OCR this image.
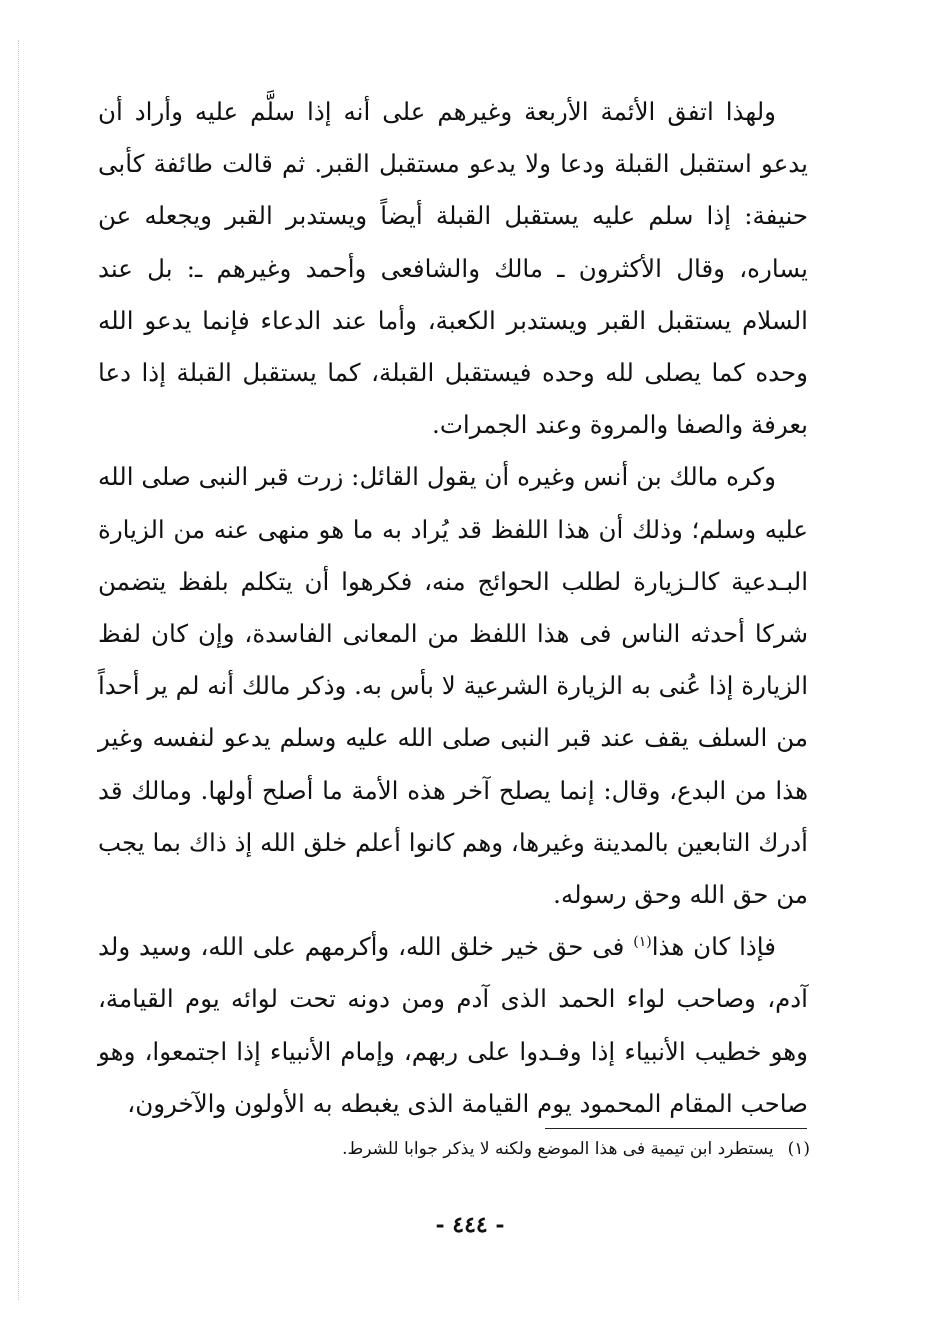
ولهذا اتفق الأئمة الأربعة وغيرهم على أنه إذا سلَّم عليه وأراد أن يدعو استقبل القبلة ودعا ولا يدعو مستقبل القبر. ثم قالت طائفة كأبى حنيفة: إذا سلم عليه يستقبل القبلة أيضاً ويستدبر القبر ويجعله عن يساره، وقال الأكثرون ـ مالك والشافعى وأحمد وغيرهم ـ: بل عند السلام يستقبل القبر ويستدبر الكعبة، وأما عند الدعاء فإنما يدعو الله وحده كما يصلى لله وحده فيستقبل القبلة، كما يستقبل القبلة إذا دعا بعرفة والصفا والمروة وعند الجمرات.

وكره مالك بن أنس وغيره أن يقول القائل: زرت قبر النبى صلى الله عليه وسلم؛ وذلك أن هذا اللفظ قد يُراد به ما هو منهى عنه من الزيارة البـدعية كالـزيارة لطلب الحوائج منه، فكرهوا أن يتكلم بلفظ يتضمن شركا أحدثه الناس فى هذا اللفظ من المعانى الفاسدة، وإن كان لفظ الزيارة إذا عُنى به الزيارة الشرعية لا بأس به. وذكر مالك أنه لم ير أحداً من السلف يقف عند قبر النبى صلى الله عليه وسلم يدعو لنفسه وغير هذا من البدع، وقال: إنما يصلح آخر هذه الأمة ما أصلح أولها. ومالك قد أدرك التابعين بالمدينة وغيرها، وهم كانوا أعلم خلق الله إذ ذاك بما يجب من حق الله وحق رسوله.

فإذا كان هذا$^{(١)}$ فى حق خير خلق الله، وأكرمهم على الله، وسيد ولد آدم، وصاحب لواء الحمد الذى آدم ومن دونه تحت لوائه يوم القيامة، وهو خطيب الأنبياء إذا وفـدوا على ربهم، وإمام الأنبياء إذا اجتمعوا، وهو صاحب المقام المحمود يوم القيامة الذى يغبطه به الأولون والآخرون،

(١)يستطرد ابن تيمية فى هذا الموضع ولكنه لا يذكر جوابا للشرط.
- ٤٤٤ -
